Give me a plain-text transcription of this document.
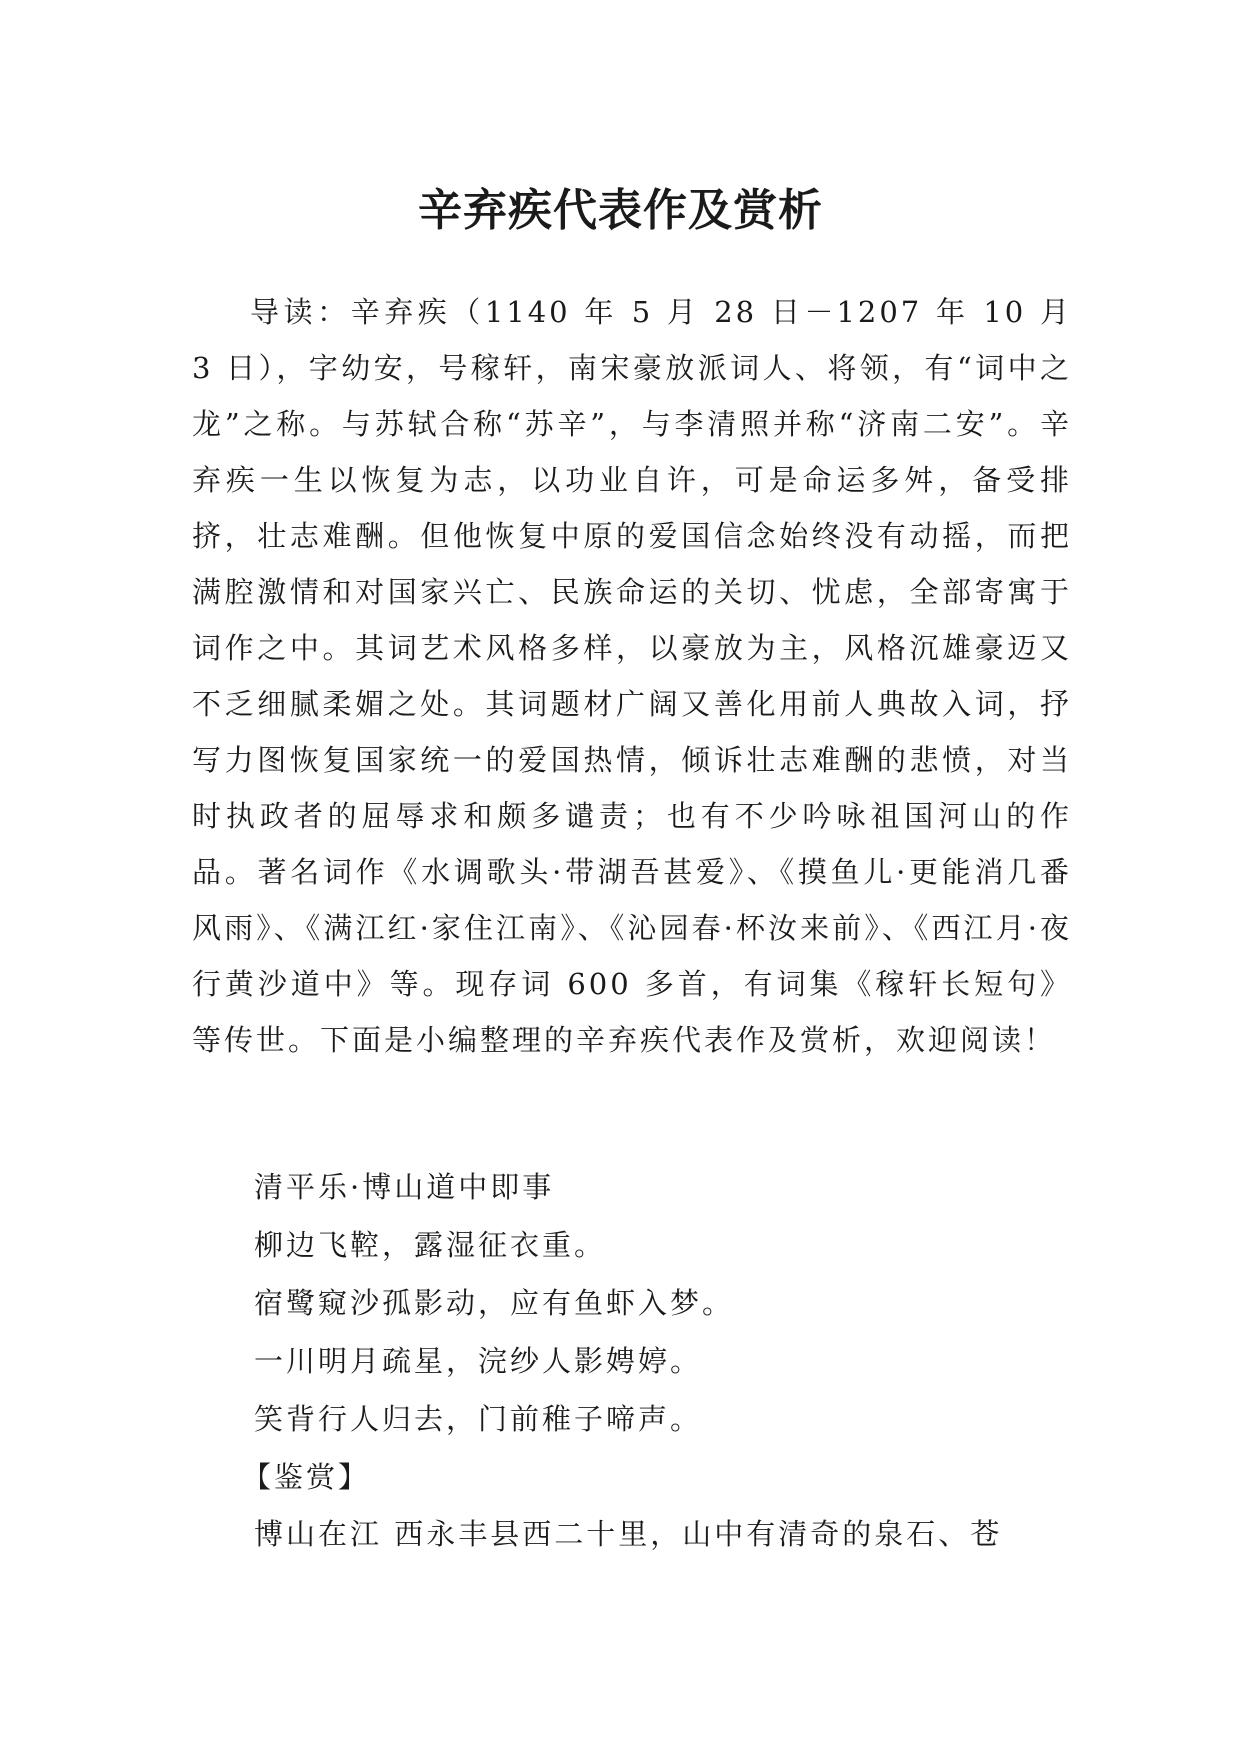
辛弃疾代表作及赏析

导读：辛弃疾（1140 年 5 月 28 日－1207 年 10 月 3 日），字幼安，号稼轩，南宋豪放派词人、将领，有“词中之龙”之称。与苏轼合称“苏辛”，与李清照并称“济南二安”。辛弃疾一生以恢复为志，以功业自许，可是命运多舛，备受排挤，壮志难酬。但他恢复中原的爱国信念始终没有动摇，而把满腔激情和对国家兴亡、民族命运的关切、忧虑，全部寄寓于词作之中。其词艺术风格多样，以豪放为主，风格沉雄豪迈又不乏细腻柔媚之处。其词题材广阔又善化用前人典故入词，抒写力图恢复国家统一的爱国热情，倾诉壮志难酬的悲愤，对当时执政者的屈辱求和颇多谴责；也有不少吟咏祖国河山的作品。著名词作《水调歌头·带湖吾甚爱》、《摸鱼儿·更能消几番风雨》、《满江红·家住江南》、《沁园春·杯汝来前》、《西江月·夜行黄沙道中》等。现存词 600 多首，有词集《稼轩长短句》等传世。下面是小编整理的辛弃疾代表作及赏析，欢迎阅读！

清平乐·博山道中即事
柳边飞鞚，露湿征衣重。
宿鹭窥沙孤影动，应有鱼虾入梦。
一川明月疏星，浣纱人影娉婷。
笑背行人归去，门前稚子啼声。
【鉴赏】

博山在江 西永丰县西二十里，山中有清奇的泉石、苍
